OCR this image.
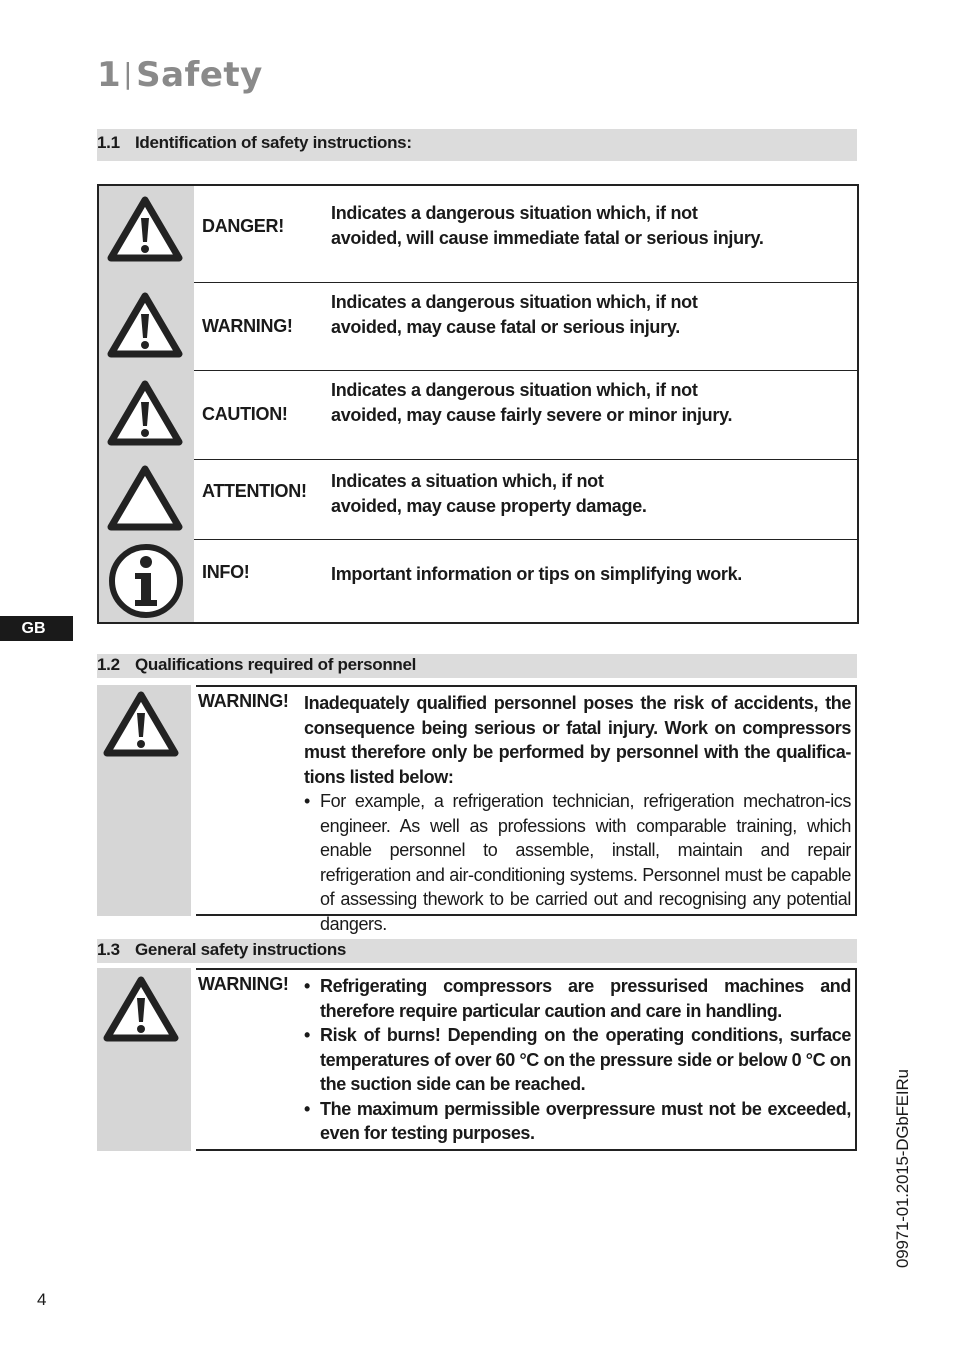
1|Safety
1.1 Identification of safety instructions:
DANGER!
Indicates a dangerous situation which, if not
avoided, will cause immediate fatal or serious injury.
WARNING!
Indicates a dangerous situation which, if not
avoided, may cause fatal or serious injury.
CAUTION!
Indicates a dangerous situation which, if not
avoided, may cause fairly severe or minor injury.
ATTENTION! Indicates a situation which, if not
avoided, may cause property damage.
INFO!	Important information or tips on simplifying work.
GB
1.2 Qualifications required of personnel
WARNING! Inadequately qualified personnel poses the risk of accidents, the consequence being serious or fatal injury. Work on compressors must therefore only be performed by personnel with the qualifica-tions listed below:

• For example, a refrigeration technician, refrigeration mechatron-ics engineer. As well as professions with comparable training, which enable personnel to assemble, install, maintain and repair refrigeration and air-conditioning systems. Personnel must be capable of assessing thework to be carried out and recognising any potential dangers.
1.3 General safety instructions
WARNING!
•	Refrigerating compressors are pressurised machines and therefore require particular caution and care in handling.
• Risk of burns! Depending on the operating conditions, surface temperatures of over 60 °C on the pressure side or below 0 °C on the suction side can be reached.
• The maximum permissible overpressure must not be exceeded, even for testing purposes.	09971-01.2015-DGbFEIRu
4
